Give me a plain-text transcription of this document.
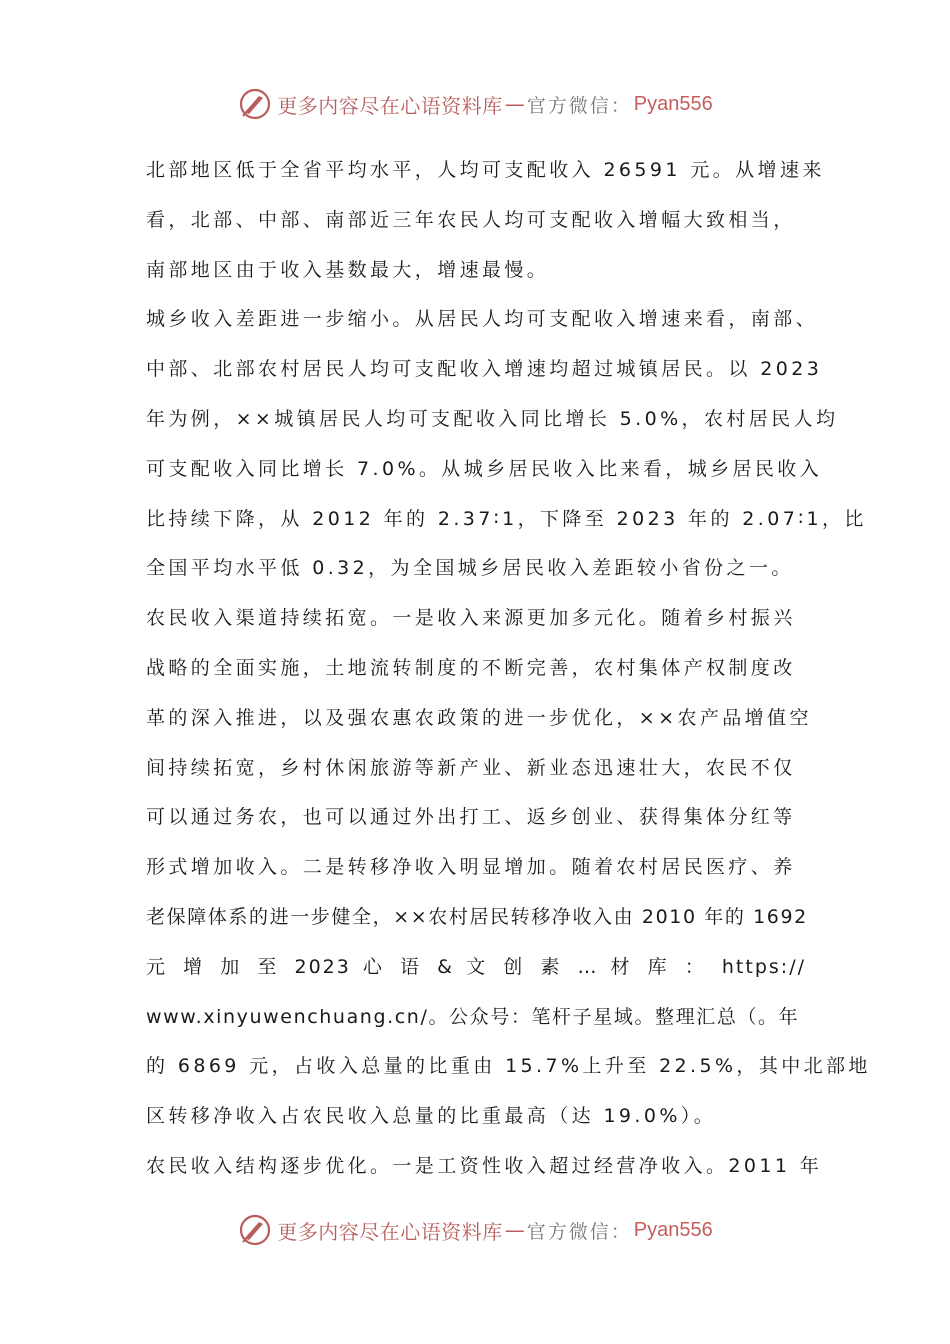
更多内容尽在心语资料库 — 官方微信： Pyan556
北部地区低于全省平均水平，人均可支配收入 26591 元。从增速来
看，北部、中部、南部近三年农民人均可支配收入增幅大致相当，
南部地区由于收入基数最大，增速最慢。
城乡收入差距进一步缩小。从居民人均可支配收入增速来看，南部、
中部、北部农村居民人均可支配收入增速均超过城镇居民。以 2023
年为例，××城镇居民人均可支配收入同比增长 5.0%，农村居民人均
可支配收入同比增长 7.0%。从城乡居民收入比来看，城乡居民收入
比持续下降，从 2012 年的 2.37∶1，下降至 2023 年的 2.07∶1，比
全国平均水平低 0.32，为全国城乡居民收入差距较小省份之一。
农民收入渠道持续拓宽。一是收入来源更加多元化。随着乡村振兴
战略的全面实施，土地流转制度的不断完善，农村集体产权制度改
革的深入推进，以及强农惠农政策的进一步优化，××农产品增值空
间持续拓宽，乡村休闲旅游等新产业、新业态迅速壮大，农民不仅
可以通过务农，也可以通过外出打工、返乡创业、获得集体分红等
形式增加收入。二是转移净收入明显增加。随着农村居民医疗、养
老保障体系的进一步健全，××农村居民转移净收入由 2010 年的 1692
元 增 加 至 2023 心 语 & 文 创 素 … 材 库 ： https://
www.xinyuwenchuang.cn/。公众号：笔杆子星域。整理汇总（。年
的 6869 元，占收入总量的比重由 15.7%上升至 22.5%，其中北部地
区转移净收入占农民收入总量的比重最高（达 19.0%）。
农民收入结构逐步优化。一是工资性收入超过经营净收入。2011 年
更多内容尽在心语资料库 — 官方微信： Pyan556
